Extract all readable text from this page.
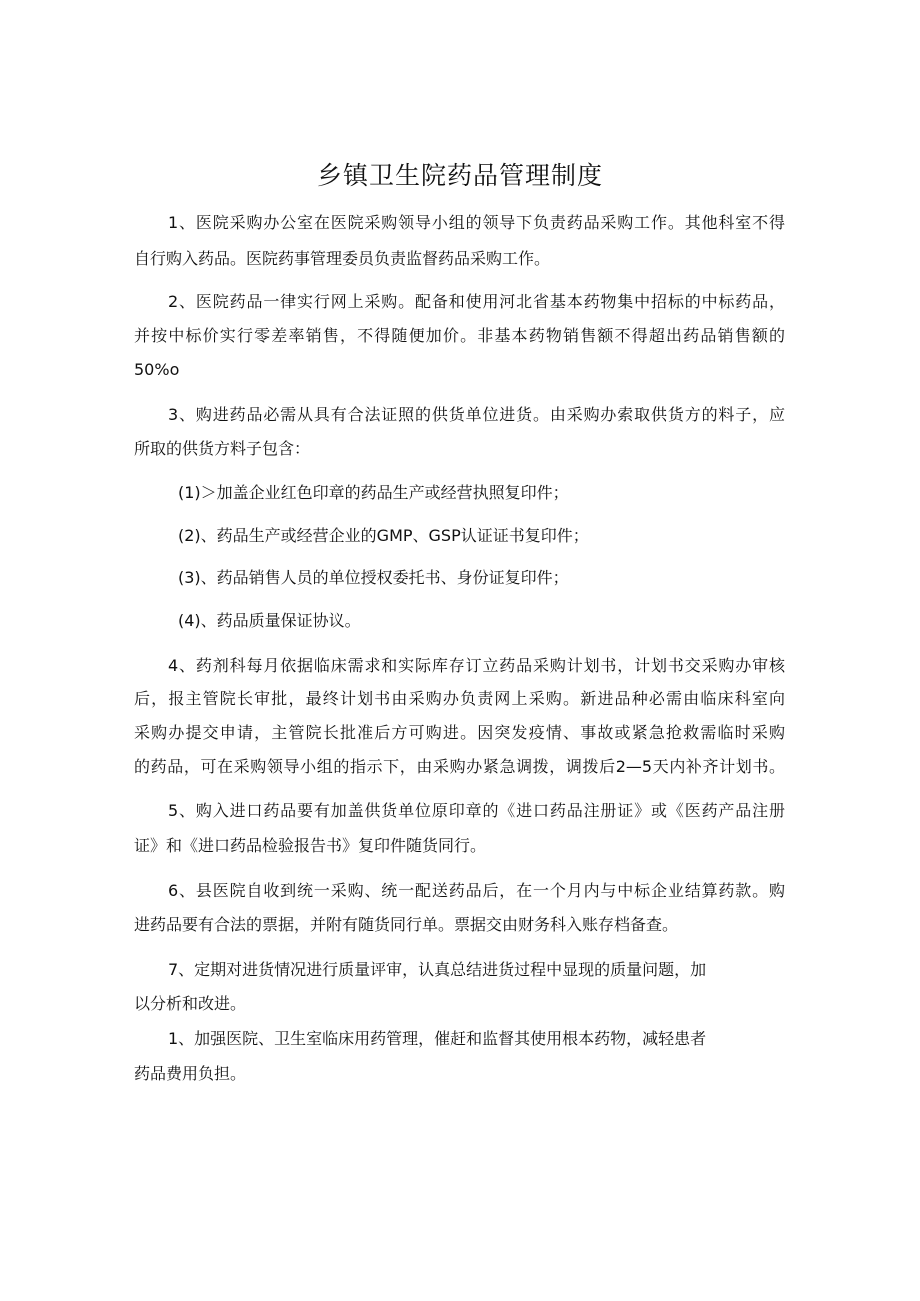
乡镇卫生院药品管理制度
1、医院采购办公室在医院采购领导小组的领导下负责药品采购工作。其他科室不得
自行购入药品。医院药事管理委员负责监督药品采购工作。
2、医院药品一律实行网上采购。配备和使用河北省基本药物集中招标的中标药品，
并按中标价实行零差率销售，不得随便加价。非基本药物销售额不得超出药品销售额的
50%o
3、购进药品必需从具有合法证照的供货单位进货。由采购办索取供货方的料子，应
所取的供货方料子包含：
(1)＞加盖企业红色印章的药品生产或经营执照复印件；
(2)、药品生产或经营企业的GMP、GSP认证证书复印件；
(3)、药品销售人员的单位授权委托书、身份证复印件；
(4)、药品质量保证协议。
4、药剂科每月依据临床需求和实际库存订立药品采购计划书，计划书交采购办审核
后，报主管院长审批，最终计划书由采购办负责网上采购。新进品种必需由临床科室向
采购办提交申请，主管院长批准后方可购进。因突发疫情、事故或紧急抢救需临时采购
的药品，可在采购领导小组的指示下，由采购办紧急调拨，调拨后2—5天内补齐计划书。
5、购入进口药品要有加盖供货单位原印章的《进口药品注册证》或《医药产品注册
证》和《进口药品检验报告书》复印件随货同行。
6、县医院自收到统一采购、统一配送药品后，在一个月内与中标企业结算药款。购
进药品要有合法的票据，并附有随货同行单。票据交由财务科入账存档备查。
7、定期对进货情况进行质量评审，认真总结进货过程中显现的质量问题，加
以分析和改进。
1、加强医院、卫生室临床用药管理，催赶和监督其使用根本药物，减轻患者
药品费用负担。
